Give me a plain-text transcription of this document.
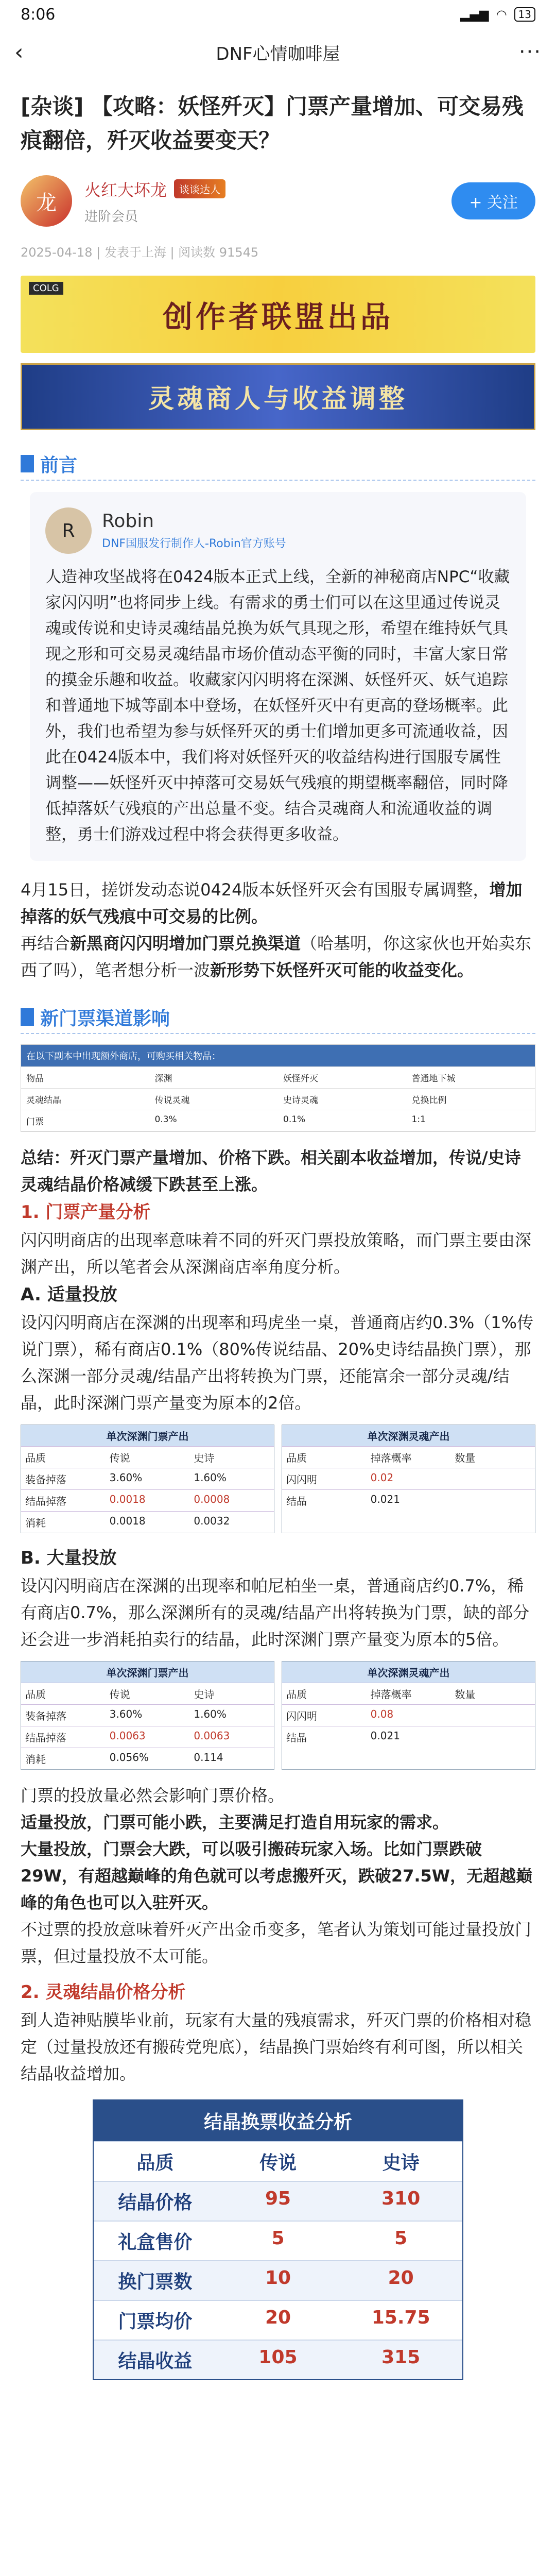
8:06	▂▄▆ ◠	13
‹	DNF心情咖啡屋	···
[杂谈] 【攻略：妖怪歼灭】门票产量增加、可交易残痕翻倍，歼灭收益要变天？
龙
火红大坏龙	谈谈达人
进阶会员
+ 关注
2025-04-18 | 发表于上海 | 阅读数 91545
COLG
创作者联盟出品
灵魂商人与收益调整
前言
R	Robin
DNF国服发行制作人-Robin官方账号
人造神攻坚战将在0424版本正式上线，全新的神秘商店NPC“收藏家闪闪明”也将同步上线。有需求的勇士们可以在这里通过传说灵魂或传说和史诗灵魂结晶兑换为妖气具现之形，希望在维持妖气具现之形和可交易灵魂结晶市场价值动态平衡的同时，丰富大家日常的摸金乐趣和收益。收藏家闪闪明将在深渊、妖怪歼灭、妖气追踪和普通地下城等副本中登场，在妖怪歼灭中有更高的登场概率。此外，我们也希望为参与妖怪歼灭的勇士们增加更多可流通收益，因此在0424版本中，我们将对妖怪歼灭的收益结构进行国服专属性调整——妖怪歼灭中掉落可交易妖气残痕的期望概率翻倍，同时降低掉落妖气残痕的产出总量不变。结合灵魂商人和流通收益的调整，勇士们游戏过程中将会获得更多收益。
4月15日，搓饼发动态说0424版本妖怪歼灭会有国服专属调整，增加掉落的妖气残痕中可交易的比例。
再结合新黑商闪闪明增加门票兑换渠道（哈基明，你这家伙也开始卖东西了吗），笔者想分析一波新形势下妖怪歼灭可能的收益变化。
新门票渠道影响
在以下副本中出现额外商店，可购买相关物品：
物品	深渊	妖怪歼灭	普通地下城
灵魂结晶	传说灵魂	史诗灵魂	兑换比例
门票	0.3%	0.1%	1:1
总结：歼灭门票产量增加、价格下跌。相关副本收益增加，传说/史诗灵魂结晶价格减缓下跌甚至上涨。
1. 门票产量分析
闪闪明商店的出现率意味着不同的歼灭门票投放策略，而门票主要由深渊产出，所以笔者会从深渊商店率角度分析。
A. 适量投放
设闪闪明商店在深渊的出现率和玛虎坐一桌，普通商店约0.3%（1%传说门票），稀有商店0.1%（80%传说结晶、20%史诗结晶换门票），那么深渊一部分灵魂/结晶产出将转换为门票，还能富余一部分灵魂/结晶，此时深渊门票产量变为原本的2倍。
单次深渊门票产出
品质	传说	史诗
装备掉落	3.60%	1.60%
结晶掉落	0.0018	0.0008
消耗	0.0018	0.0032
单次深渊灵魂产出
品质	掉落概率	数量
闪闪明	0.02
结晶	0.021
B. 大量投放
设闪闪明商店在深渊的出现率和帕尼柏坐一桌，普通商店约0.7%，稀有商店0.7%，那么深渊所有的灵魂/结晶产出将转换为门票，缺的部分还会进一步消耗拍卖行的结晶，此时深渊门票产量变为原本的5倍。
单次深渊门票产出
品质	传说	史诗
装备掉落	3.60%	1.60%
结晶掉落	0.0063	0.0063
消耗	0.056%	0.114
单次深渊灵魂产出
品质	掉落概率	数量
闪闪明	0.08
结晶	0.021
门票的投放量必然会影响门票价格。
适量投放，门票可能小跌，主要满足打造自用玩家的需求。
大量投放，门票会大跌，可以吸引搬砖玩家入场。比如门票跌破29W，有超越巅峰的角色就可以考虑搬歼灭，跌破27.5W，无超越巅峰的角色也可以入驻歼灭。
不过票的投放意味着歼灭产出金币变多，笔者认为策划可能过量投放门票，但过量投放不太可能。
2. 灵魂结晶价格分析
到人造神贴膜毕业前，玩家有大量的残痕需求，歼灭门票的价格相对稳定（过量投放还有搬砖党兜底），结晶换门票始终有利可图，所以相关结晶收益增加。
结晶换票收益分析
品质	传说	史诗
结晶价格	95	310
礼盒售价	5	5
换门票数	10	20
门票均价	20	15.75
结晶收益	105	315
